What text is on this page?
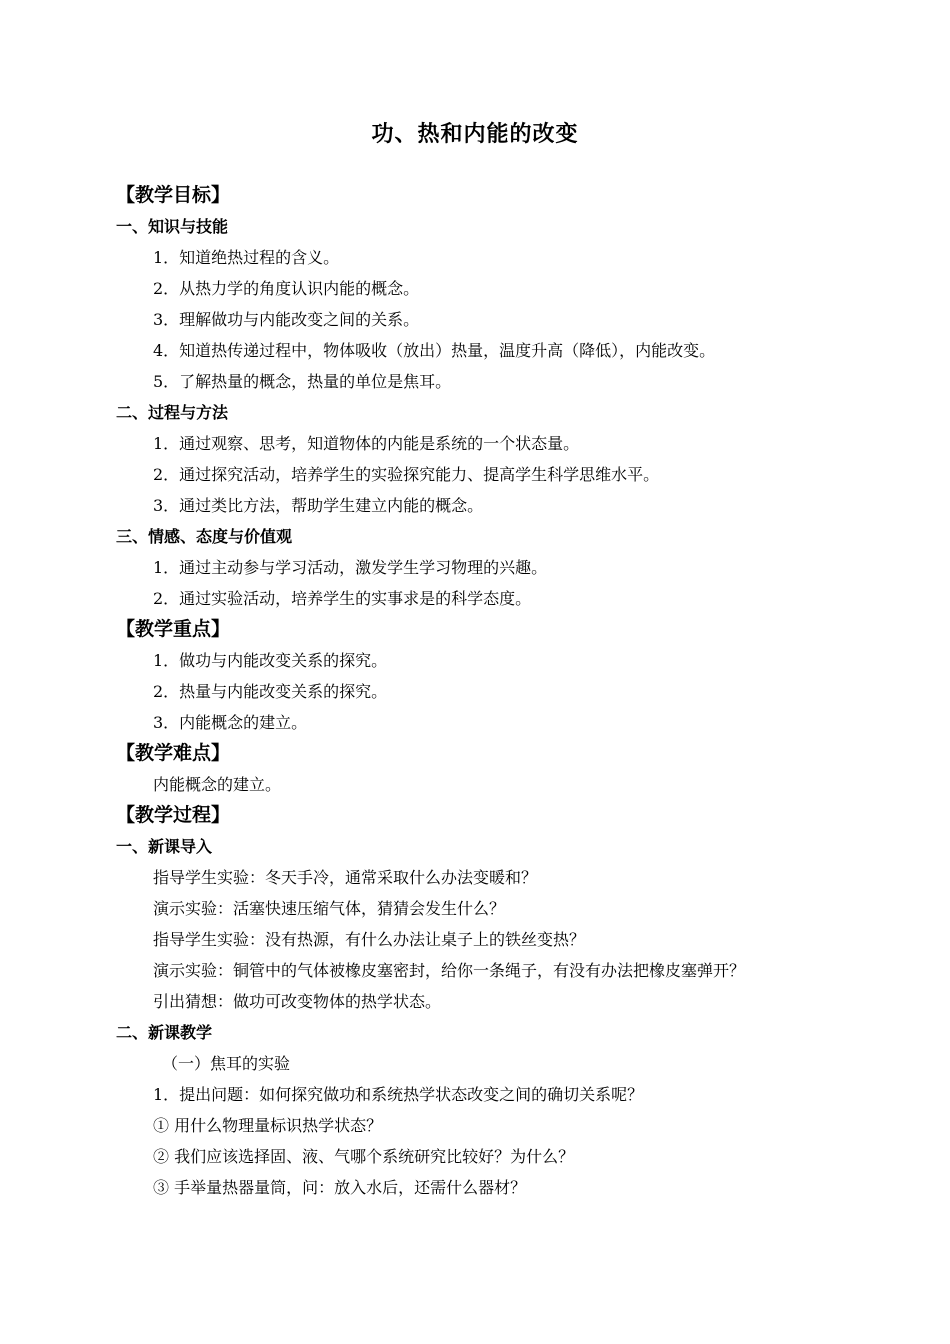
功、热和内能的改变
【教学目标】
一、知识与技能
1．知道绝热过程的含义。
2．从热力学的角度认识内能的概念。
3．理解做功与内能改变之间的关系。
4．知道热传递过程中，物体吸收（放出）热量，温度升高（降低），内能改变。
5．了解热量的概念，热量的单位是焦耳。
二、过程与方法
1．通过观察、思考，知道物体的内能是系统的一个状态量。
2．通过探究活动，培养学生的实验探究能力、提高学生科学思维水平。
3．通过类比方法，帮助学生建立内能的概念。
三、情感、态度与价值观
1．通过主动参与学习活动，激发学生学习物理的兴趣。
2．通过实验活动，培养学生的实事求是的科学态度。
【教学重点】
1．做功与内能改变关系的探究。
2．热量与内能改变关系的探究。
3．内能概念的建立。
【教学难点】
内能概念的建立。
【教学过程】
一、新课导入
指导学生实验：冬天手冷，通常采取什么办法变暖和？
演示实验：活塞快速压缩气体，猜猜会发生什么？
指导学生实验：没有热源，有什么办法让桌子上的铁丝变热？
演示实验：铜管中的气体被橡皮塞密封，给你一条绳子，有没有办法把橡皮塞弹开？
引出猜想：做功可改变物体的热学状态。
二、新课教学
（一）焦耳的实验
1．提出问题：如何探究做功和系统热学状态改变之间的确切关系呢？
① 用什么物理量标识热学状态？
② 我们应该选择固、液、气哪个系统研究比较好？为什么？
③ 手举量热器量筒，问：放入水后，还需什么器材？
